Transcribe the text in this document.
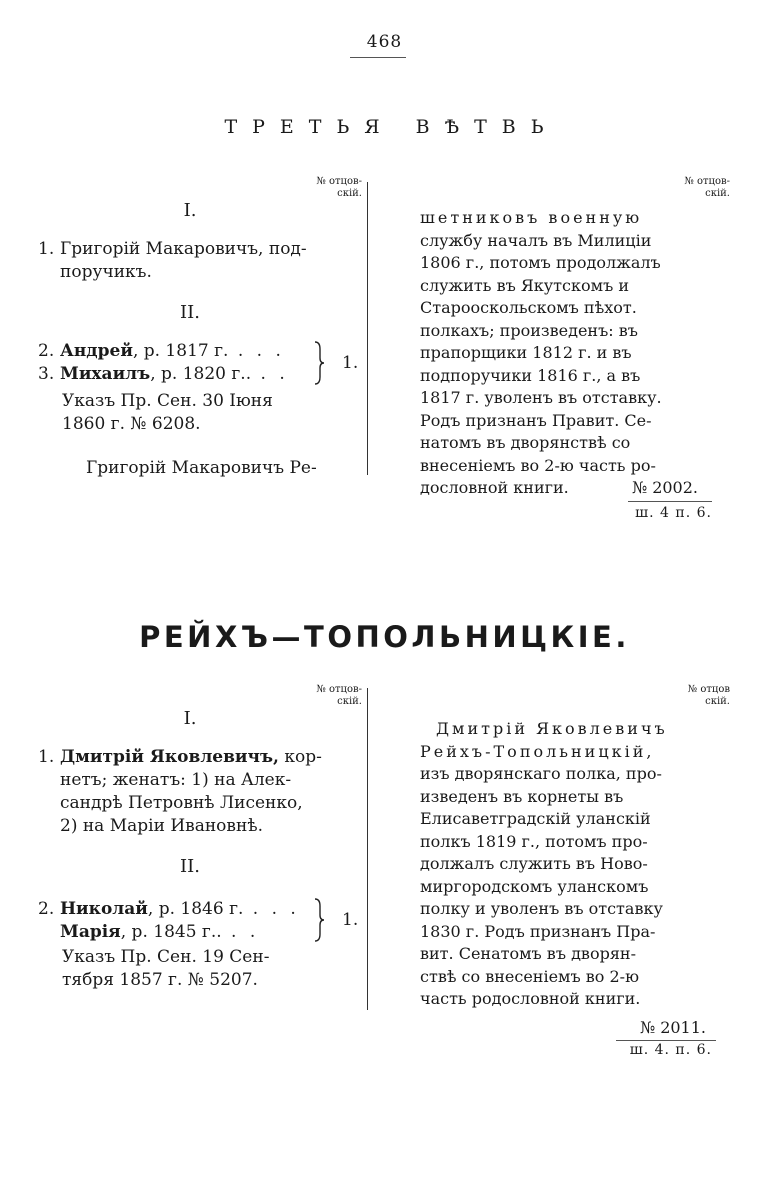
468
ТРЕТЬЯ ВѢТВЬ
№ отцов-
скій.
№ отцов-
скій.
I.
1. Григорій Макаровичъ, под-
поручикъ.
II.
2. Андрей, р. 1817 г. . . .
3. Михаилъ, р. 1820 г.. . .
1.
Указъ Пр. Сен. 30 Іюня
1860 г. № 6208.
Григорій Макаровичъ Ре-
шетниковъ военную
службу началъ въ Милиціи
1806 г., потомъ продолжалъ
служить въ Якутскомъ и
Старооскольскомъ пѣхот.
полкахъ; произведенъ: въ
прапорщики 1812 г. и въ
подпоручики 1816 г., а въ
1817 г. уволенъ въ отставку.
Родъ признанъ Правит. Се-
натомъ въ дворянствѣ со
внесеніемъ во 2-ю часть ро-
дословной книги.	№ 2002.
ш. 4 п. 6.
РЕЙХЪ—ТОПОЛЬНИЦКІЕ.
№ отцов-
скій.
№ отцов
скій.
I.
1. Дмитрій Яковлевичъ, кор-
нетъ; женатъ: 1) на Алек-
сандрѣ Петровнѣ Лисенко,
2) на Маріи Ивановнѣ.
II.
2. Николай, р. 1846 г. . . .
Марія, р. 1845 г.. . .
1.
Указъ Пр. Сен. 19 Сен-
тября 1857 г. № 5207.
Дмитрій Яковлевичъ
Рейхъ-Топольницкій,
изъ дворянскаго полка, про-
изведенъ въ корнеты въ
Елисаветградскій уланскій
полкъ 1819 г., потомъ про-
должалъ служить въ Ново-
миргородскомъ уланскомъ
полку и уволенъ въ отставку
1830 г. Родъ признанъ Пра-
вит. Сенатомъ въ дворян-
ствѣ со внесеніемъ во 2-ю
часть родословной книги.
№ 2011.
ш. 4. п. 6.
